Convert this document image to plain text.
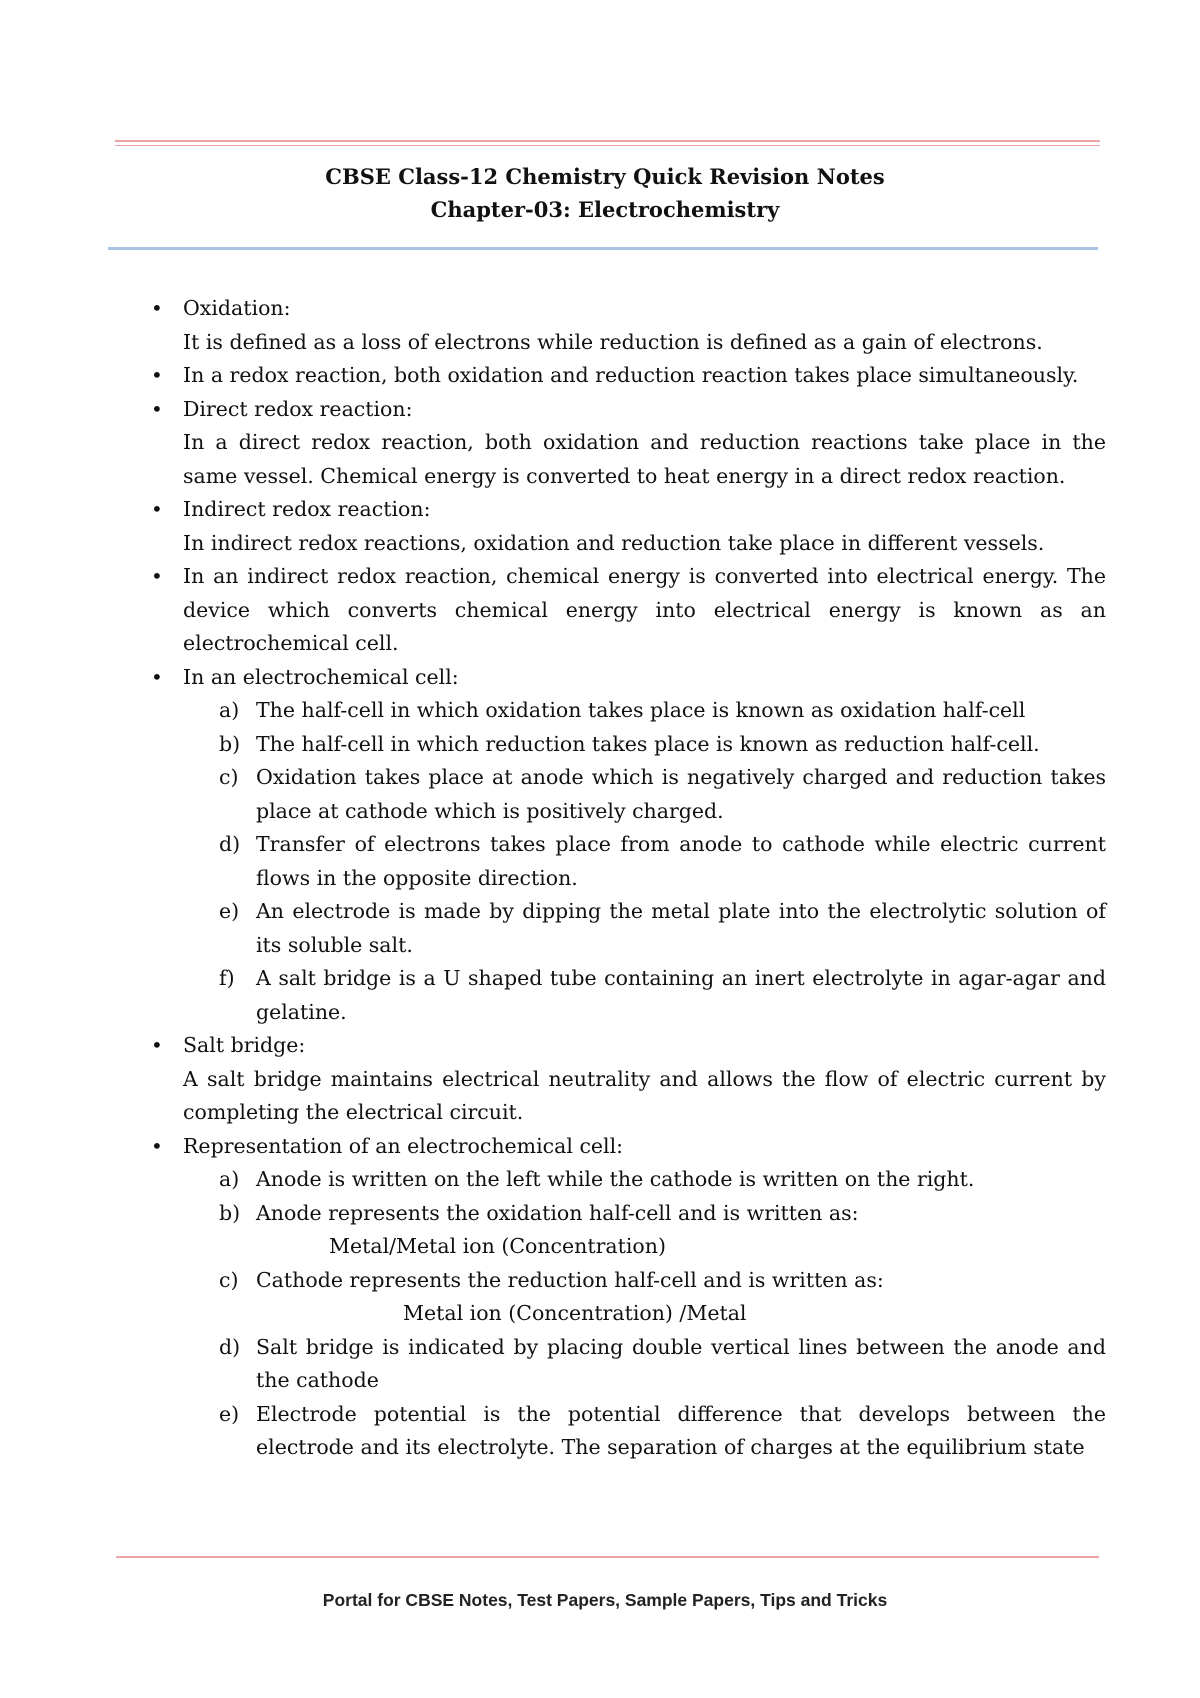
CBSE Class-12 Chemistry Quick Revision Notes
Chapter-03: Electrochemistry

• Oxidation:

It is defined as a loss of electrons while reduction is defined as a gain of electrons.

• In a redox reaction, both oxidation and reduction reaction takes place simultaneously.

• Direct redox reaction:

In a direct redox reaction, both oxidation and reduction reactions take place in the same vessel. Chemical energy is converted to heat energy in a direct redox reaction.

• Indirect redox reaction:

In indirect redox reactions, oxidation and reduction take place in different vessels.

• In an indirect redox reaction, chemical energy is converted into electrical energy. The device which converts chemical energy into electrical energy is known as an electrochemical cell.

• In an electrochemical cell:

a) The half-cell in which oxidation takes place is known as oxidation half-cell
b) The half-cell in which reduction takes place is known as reduction half-cell.
c) Oxidation takes place at anode which is negatively charged and reduction takes place at cathode which is positively charged.
d) Transfer of electrons takes place from anode to cathode while electric current flows in the opposite direction.
e) An electrode is made by dipping the metal plate into the electrolytic solution of its soluble salt.
f) A salt bridge is a U shaped tube containing an inert electrolyte in agar-agar and gelatine.

• Salt bridge:

A salt bridge maintains electrical neutrality and allows the flow of electric current by completing the electrical circuit.

• Representation of an electrochemical cell:

a) Anode is written on the left while the cathode is written on the right.
b) Anode represents the oxidation half-cell and is written as:
Metal/Metal ion (Concentration)
c) Cathode represents the reduction half-cell and is written as:
Metal ion (Concentration) /Metal
d) Salt bridge is indicated by placing double vertical lines between the anode and the cathode
e) Electrode potential is the potential difference that develops between the electrode and its electrolyte. The separation of charges at the equilibrium state
Portal for CBSE Notes, Test Papers, Sample Papers, Tips and Tricks
